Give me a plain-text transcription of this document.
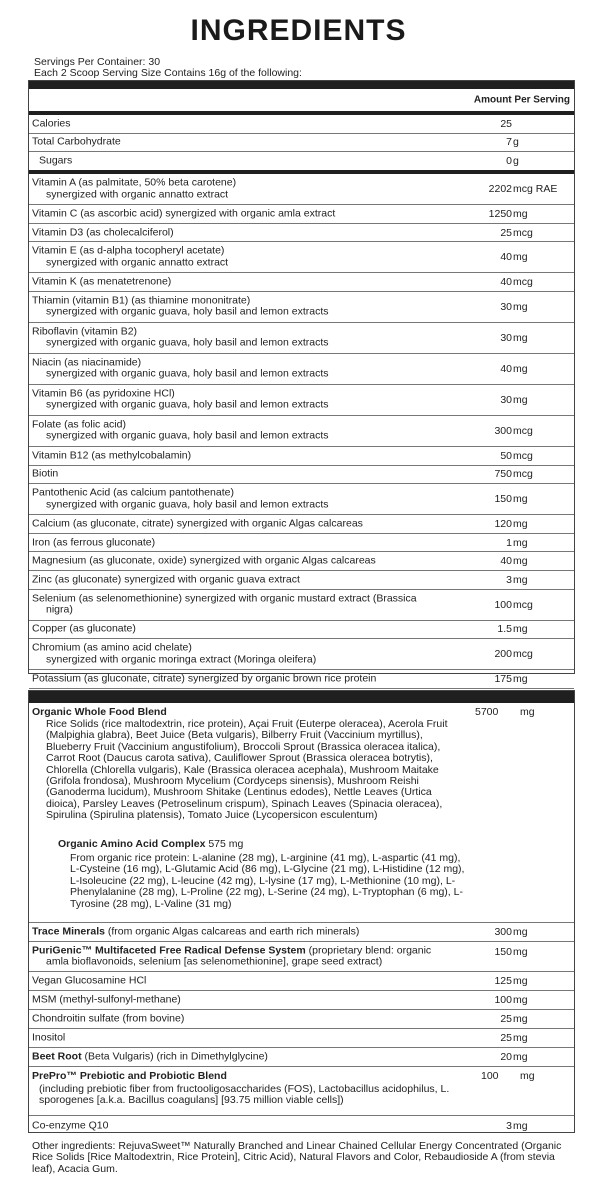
INGREDIENTS
Servings Per Container: 30
Each 2 Scoop Serving Size Contains 16g of the following:
Amount Per Serving
Calories	25
Total Carbohydrate	7 g
Sugars	0 g
Vitamin A (as palmitate, 50% beta carotene)
synergized with organic annatto extract	2202 mcg RAE
Vitamin C (as ascorbic acid) synergized with organic amla extract	1250 mg
Vitamin D3 (as cholecalciferol)	25 mcg
Vitamin E (as d-alpha tocopheryl acetate)
synergized with organic annatto extract	40 mg
Vitamin K (as menatetrenone)	40 mcg
Thiamin (vitamin B1) (as thiamine mononitrate)
synergized with organic guava, holy basil and lemon extracts	30 mg
Riboflavin (vitamin B2)
synergized with organic guava, holy basil and lemon extracts	30 mg
Niacin (as niacinamide)
synergized with organic guava, holy basil and lemon extracts	40 mg
Vitamin B6 (as pyridoxine HCl)
synergized with organic guava, holy basil and lemon extracts	30 mg
Folate (as folic acid)
synergized with organic guava, holy basil and lemon extracts	300 mcg
Vitamin B12 (as methylcobalamin)	50 mcg
Biotin	750 mcg
Pantothenic Acid (as calcium pantothenate)
synergized with organic guava, holy basil and lemon extracts	150 mg
Calcium (as gluconate, citrate) synergized with organic Algas calcareas	120 mg
Iron (as ferrous gluconate)	1 mg
Magnesium (as gluconate, oxide) synergized with organic Algas calcareas	40 mg
Zinc (as gluconate) synergized with organic guava extract	3 mg
Selenium (as selenomethionine) synergized with organic mustard extract (Brassica
nigra)	100 mcg
Copper (as gluconate)	1.5 mg
Chromium (as amino acid chelate)
synergized with organic moringa extract (Moringa oleifera)	200 mcg
Potassium (as gluconate, citrate) synergized by organic brown rice protein	175 mg
Organic Whole Food Blend	5700 mg
Rice Solids (rice maltodextrin, rice protein), Açai Fruit (Euterpe oleracea), Acerola Fruit (Malpighia glabra), Beet Juice (Beta vulgaris), Bilberry Fruit (Vaccinium myrtillus), Blueberry Fruit (Vaccinium angustifolium), Broccoli Sprout (Brassica oleracea italica), Carrot Root (Daucus carota sativa), Cauliflower Sprout (Brassica oleracea botrytis), Chlorella (Chlorella vulgaris), Kale (Brassica oleracea acephala), Mushroom Maitake (Grifola frondosa), Mushroom Mycelium (Cordyceps sinensis), Mushroom Reishi (Ganoderma lucidum), Mushroom Shitake (Lentinus edodes), Nettle Leaves (Urtica dioica), Parsley Leaves (Petroselinum crispum), Spinach Leaves (Spinacia oleracea), Spirulina (Spirulina platensis), Tomato Juice (Lycopersicon esculentum)
Organic Amino Acid Complex 575 mg
From organic rice protein: L-alanine (28 mg), L-arginine (41 mg), L-aspartic (41 mg), L-Cysteine (16 mg), L-Glutamic Acid (86 mg), L-Glycine (21 mg), L-Histidine (12 mg), L-Isoleucine (22 mg), L-leucine (42 mg), L-lysine (17 mg), L-Methionine (10 mg), L-Phenylalanine (28 mg), L-Proline (22 mg), L-Serine (24 mg), L-Tryptophan (6 mg), L-Tyrosine (28 mg), L-Valine (31 mg)
Trace Minerals (from organic Algas calcareas and earth rich minerals)	300 mg
PuriGenic™ Multifaceted Free Radical Defense System (proprietary blend: organic
amla bioflavonoids, selenium [as selenomethionine], grape seed extract)
150 mg
Vegan Glucosamine HCl	125 mg
MSM (methyl-sulfonyl-methane)	100 mg
Chondroitin sulfate (from bovine)	25 mg
Inositol	25 mg
Beet Root (Beta Vulgaris) (rich in Dimethylglycine)	20 mg
PrePro™ Prebiotic and Probiotic Blend	100 mg
(including prebiotic fiber from fructooligosaccharides (FOS), Lactobacillus acidophilus, L. sporogenes [a.k.a. Bacillus coagulans] [93.75 million viable cells])
Co-enzyme Q10	3 mg
Other ingredients: RejuvaSweet™ Naturally Branched and Linear Chained Cellular Energy Concentrated (Organic Rice Solids [Rice Maltodextrin, Rice Protein], Citric Acid), Natural Flavors and Color, Rebaudioside A (from stevia leaf), Acacia Gum.
